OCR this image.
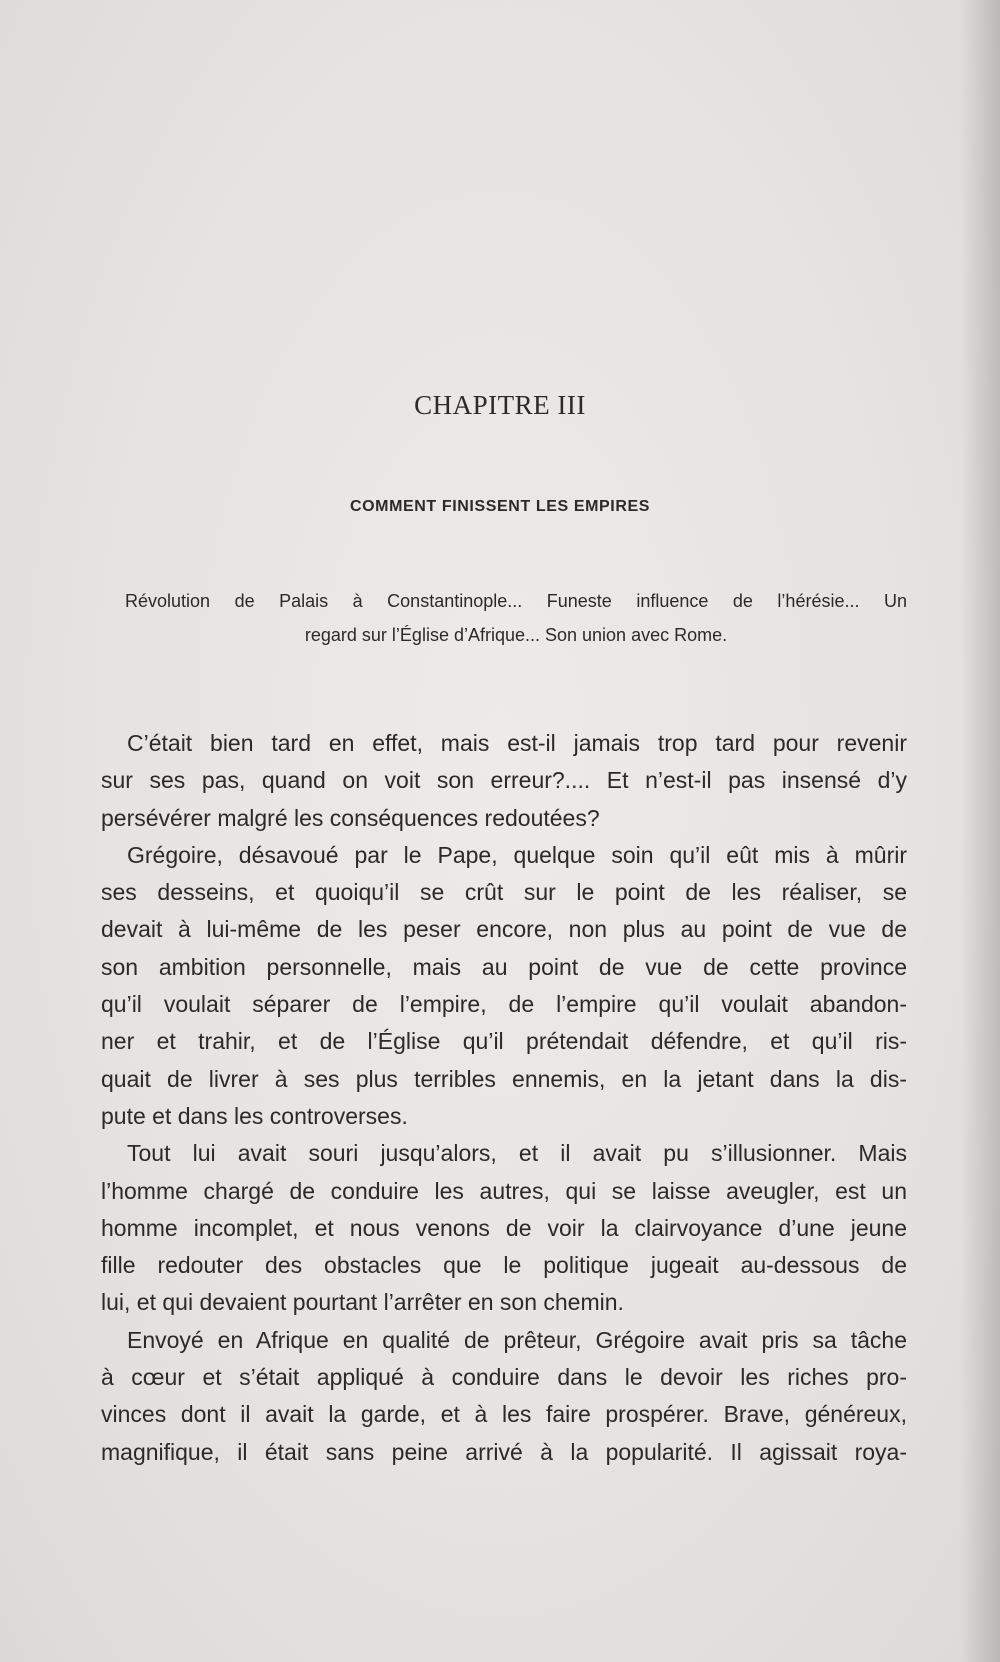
CHAPITRE III
COMMENT FINISSENT LES EMPIRES
Révolution de Palais à Constantinople... Funeste influence de l’hérésie... Un
regard sur l’Église d’Afrique... Son union avec Rome.
C’était bien tard en effet, mais est-il jamais trop tard pour revenir
sur ses pas, quand on voit son erreur?.... Et n’est-il pas insensé d’y
persévérer malgré les conséquences redoutées?
Grégoire, désavoué par le Pape, quelque soin qu’il eût mis à mûrir
ses desseins, et quoiqu’il se crût sur le point de les réaliser, se
devait à lui-même de les peser encore, non plus au point de vue de
son ambition personnelle, mais au point de vue de cette province
qu’il voulait séparer de l’empire, de l’empire qu’il voulait abandon-
ner et trahir, et de l’Église qu’il prétendait défendre, et qu’il ris-
quait de livrer à ses plus terribles ennemis, en la jetant dans la dis-
pute et dans les controverses.
Tout lui avait souri jusqu’alors, et il avait pu s’illusionner. Mais
l’homme chargé de conduire les autres, qui se laisse aveugler, est un
homme incomplet, et nous venons de voir la clairvoyance d’une jeune
fille redouter des obstacles que le politique jugeait au-dessous de
lui, et qui devaient pourtant l’arrêter en son chemin.
Envoyé en Afrique en qualité de prêteur, Grégoire avait pris sa tâche
à cœur et s’était appliqué à conduire dans le devoir les riches pro-
vinces dont il avait la garde, et à les faire prospérer. Brave, généreux,
magnifique, il était sans peine arrivé à la popularité. Il agissait roya-
